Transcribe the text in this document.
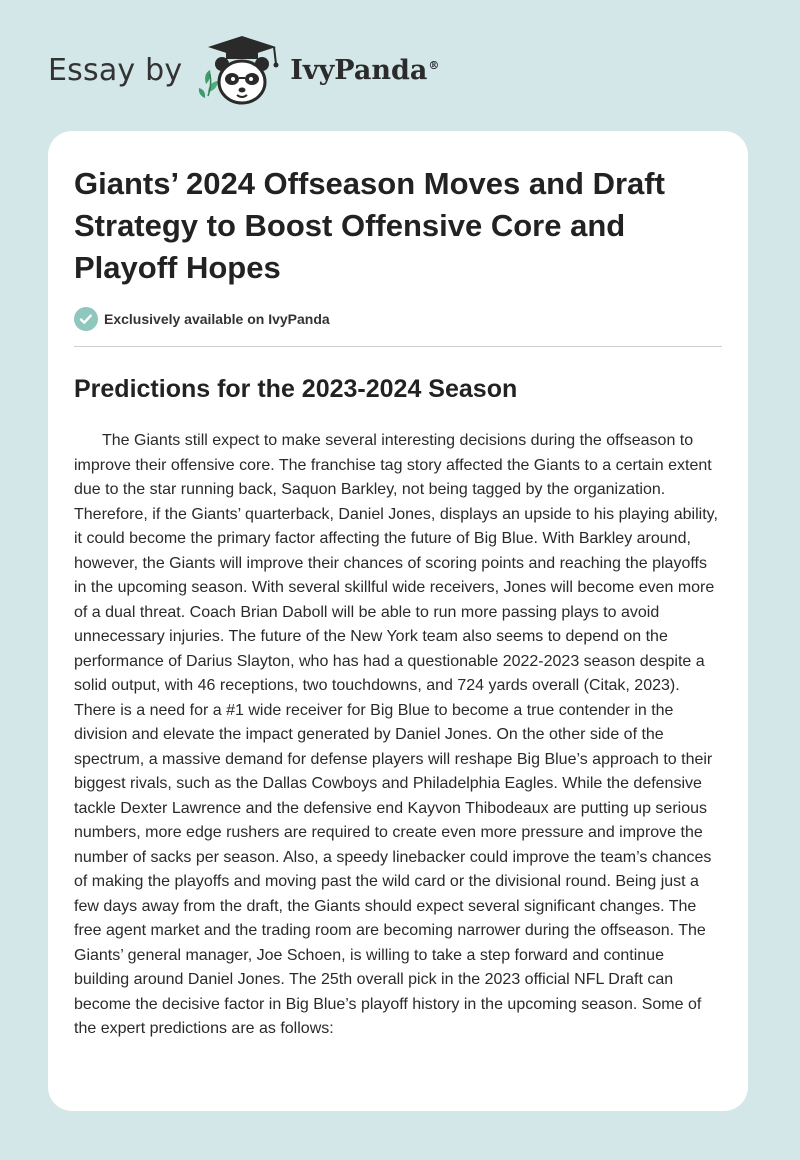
Essay by	IvyPanda®
Giants’ 2024 Offseason Moves and Draft Strategy to Boost Offensive Core and Playoff Hopes
Exclusively available on IvyPanda
Predictions for the 2023-2024 Season

The Giants still expect to make several interesting decisions during the offseason to improve their offensive core. The franchise tag story affected the Giants to a certain extent due to the star running back, Saquon Barkley, not being tagged by the organization. Therefore, if the Giants’ quarterback, Daniel Jones, displays an upside to his playing ability, it could become the primary factor affecting the future of Big Blue. With Barkley around, however, the Giants will improve their chances of scoring points and reaching the playoffs in the upcoming season. With several skillful wide receivers, Jones will become even more of a dual threat. Coach Brian Daboll will be able to run more passing plays to avoid unnecessary injuries. The future of the New York team also seems to depend on the performance of Darius Slayton, who has had a questionable 2022-2023 season despite a solid output, with 46 receptions, two touchdowns, and 724 yards overall (Citak, 2023). There is a need for a #1 wide receiver for Big Blue to become a true contender in the division and elevate the impact generated by Daniel Jones. On the other side of the spectrum, a massive demand for defense players will reshape Big Blue’s approach to their biggest rivals, such as the Dallas Cowboys and Philadelphia Eagles. While the defensive tackle Dexter Lawrence and the defensive end Kayvon Thibodeaux are putting up serious numbers, more edge rushers are required to create even more pressure and improve the number of sacks per season. Also, a speedy linebacker could improve the team’s chances of making the playoffs and moving past the wild card or the divisional round. Being just a few days away from the draft, the Giants should expect several significant changes. The free agent market and the trading room are becoming narrower during the offseason. The Giants’ general manager, Joe Schoen, is willing to take a step forward and continue building around Daniel Jones. The 25th overall pick in the 2023 official NFL Draft can become the decisive factor in Big Blue’s playoff history in the upcoming season. Some of the expert predictions are as follows:
